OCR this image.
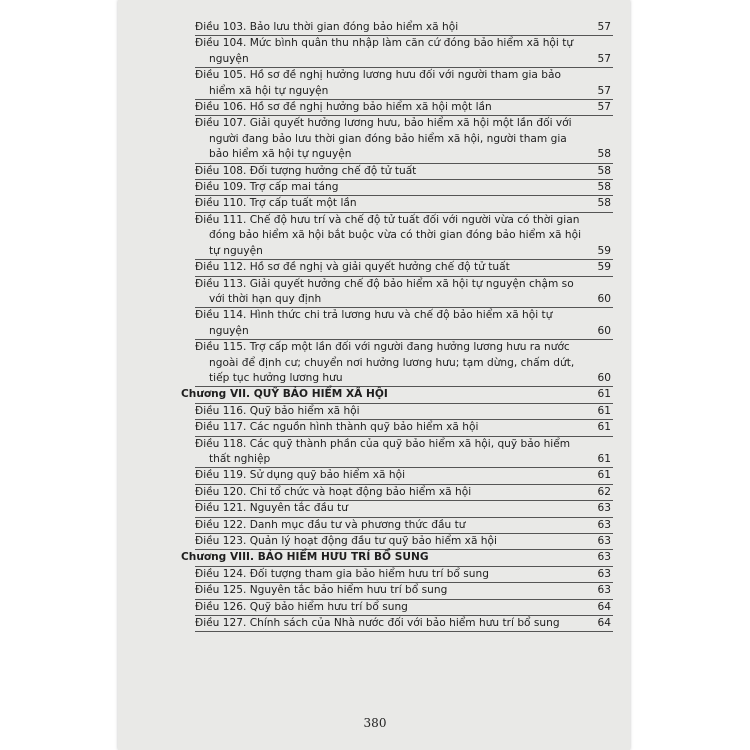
Điều 103. Bảo lưu thời gian đóng bảo hiểm xã hội	57
Điều 104. Mức bình quân thu nhập làm căn cứ đóng bảo hiểm xã hội tự nguyện	57
Điều 105. Hồ sơ đề nghị hưởng lương hưu đối với người tham gia bảo hiểm xã hội tự nguyện	57
Điều 106. Hồ sơ đề nghị hưởng bảo hiểm xã hội một lần	57
Điều 107. Giải quyết hưởng lương hưu, bảo hiểm xã hội một lần đối với người đang bảo lưu thời gian đóng bảo hiểm xã hội, người tham gia bảo hiểm xã hội tự nguyện	58
Điều 108. Đối tượng hưởng chế độ tử tuất	58
Điều 109. Trợ cấp mai táng	58
Điều 110. Trợ cấp tuất một lần	58
Điều 111. Chế độ hưu trí và chế độ tử tuất đối với người vừa có thời gian đóng bảo hiểm xã hội bắt buộc vừa có thời gian đóng bảo hiểm xã hội tự nguyện	59
Điều 112. Hồ sơ đề nghị và giải quyết hưởng chế độ tử tuất	59
Điều 113. Giải quyết hưởng chế độ bảo hiểm xã hội tự nguyện chậm so với thời hạn quy định	60
Điều 114. Hình thức chi trả lương hưu và chế độ bảo hiểm xã hội tự nguyện	60
Điều 115. Trợ cấp một lần đối với người đang hưởng lương hưu ra nước ngoài để định cư; chuyển nơi hưởng lương hưu; tạm dừng, chấm dứt, tiếp tục hưởng lương hưu	60
Chương VII. QUỸ BẢO HIỂM XÃ HỘI	61
Điều 116. Quỹ bảo hiểm xã hội	61
Điều 117. Các nguồn hình thành quỹ bảo hiểm xã hội	61
Điều 118. Các quỹ thành phần của quỹ bảo hiểm xã hội, quỹ bảo hiểm thất nghiệp	61
Điều 119. Sử dụng quỹ bảo hiểm xã hội	61
Điều 120. Chi tổ chức và hoạt động bảo hiểm xã hội	62
Điều 121. Nguyên tắc đầu tư	63
Điều 122. Danh mục đầu tư và phương thức đầu tư	63
Điều 123. Quản lý hoạt động đầu tư quỹ bảo hiểm xã hội	63
Chương VIII. BẢO HIỂM HƯU TRÍ BỔ SUNG	63
Điều 124. Đối tượng tham gia bảo hiểm hưu trí bổ sung	63
Điều 125. Nguyên tắc bảo hiểm hưu trí bổ sung	63
Điều 126. Quỹ bảo hiểm hưu trí bổ sung	64
Điều 127. Chính sách của Nhà nước đối với bảo hiểm hưu trí bổ sung	64
380
